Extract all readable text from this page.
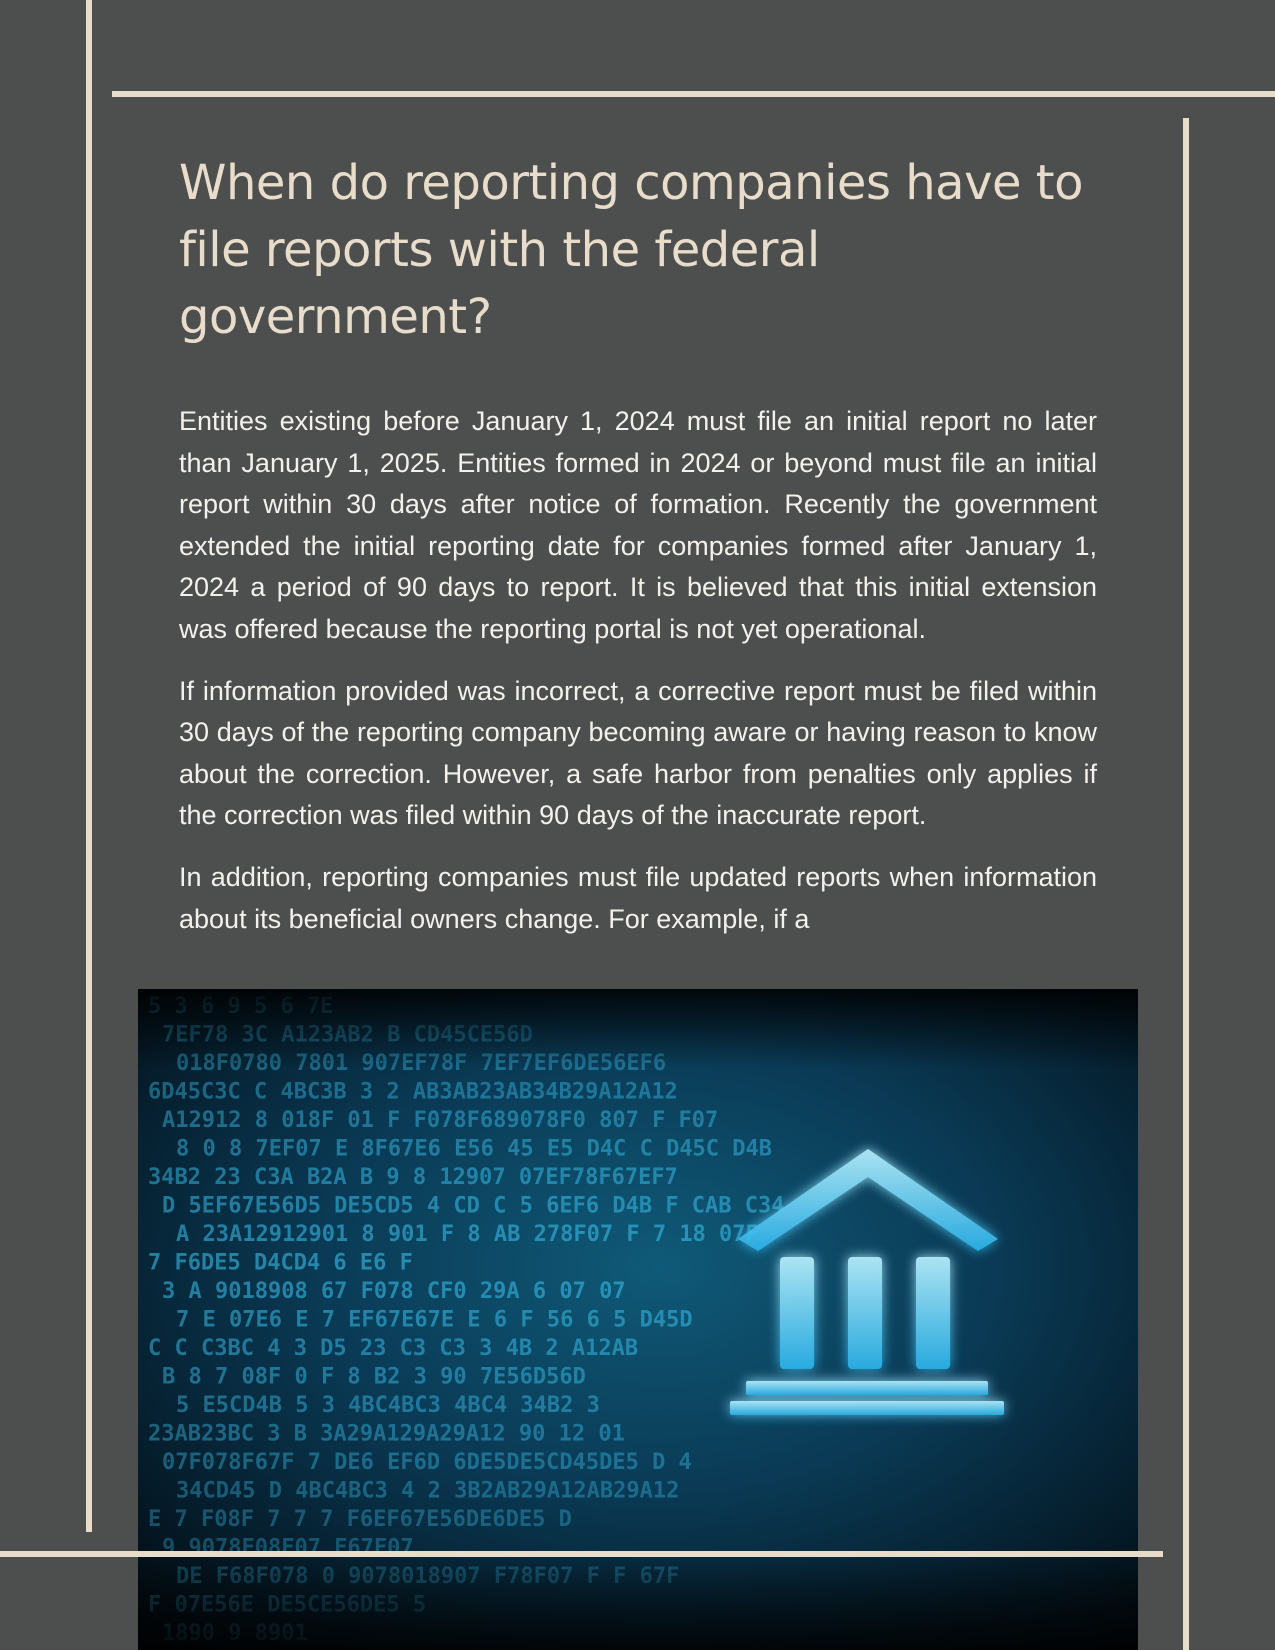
When do reporting companies have to file reports with the federal government?

Entities existing before January 1, 2024 must file an initial report no later than January 1, 2025. Entities formed in 2024 or beyond must file an initial report within 30 days after notice of formation. Recently the government extended the initial reporting date for companies formed after January 1, 2024 a period of 90 days to report. It is believed that this initial extension was offered because the reporting portal is not yet operational.

If information provided was incorrect, a corrective report must be filed within 30 days of the reporting company becoming aware or having reason to know about the correction. However, a safe harbor from penalties only applies if the correction was filed within 90 days of the inaccurate report.

In addition, reporting companies must file updated reports when information about its beneficial owners change. For example, if a
